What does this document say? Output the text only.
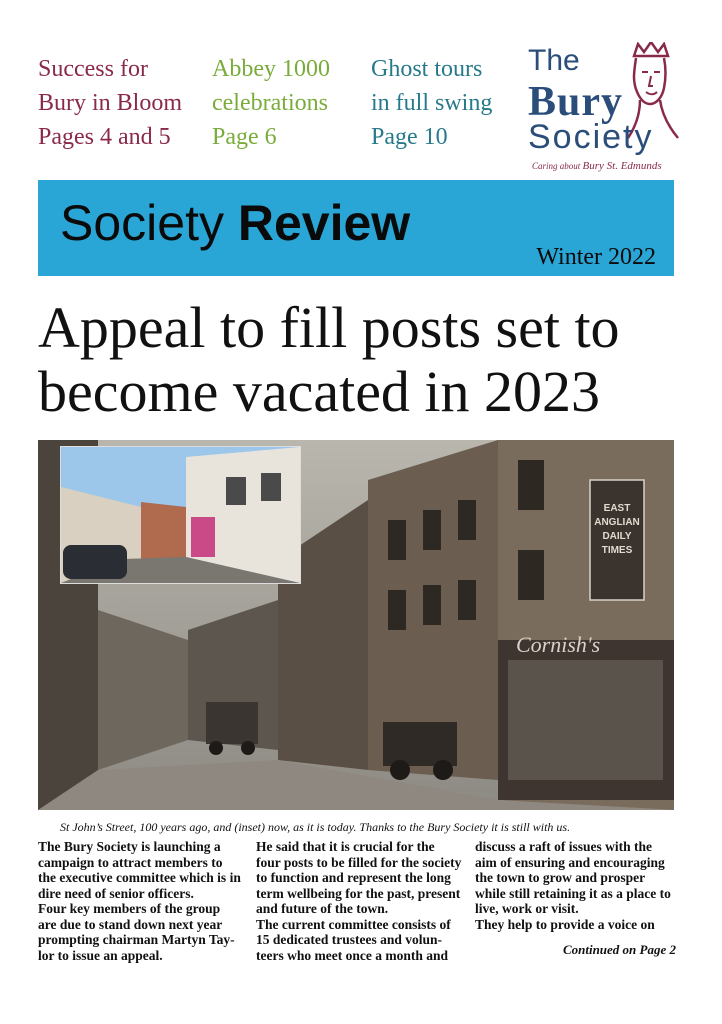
Success for
Bury in Bloom
Pages 4 and 5
Abbey 1000
celebrations
Page 6
Ghost tours
in full swing
Page 10
The
Bury
Society
Caring about Bury St. Edmunds
Society Review
Winter 2022
Appeal to fill posts set to
become vacated in 2023
Cornish's
EAST
ANGLIAN
DAILY
TIMES

St John’s Street, 100 years ago, and (inset) now, as it is today. Thanks to the Bury Society it is still with us.

The Bury Society is launching a
campaign to attract members to
the executive committee which is in
dire need of senior officers.
Four key members of the group
are due to stand down next year
prompting chairman Martyn Tay-
lor to issue an appeal.
He said that it is crucial for the
four posts to be filled for the society
to function and represent the long
term wellbeing for the past, present
and future of the town.
The current committee consists of
15 dedicated trustees and volun-
teers who meet once a month and
discuss a raft of issues with the
aim of ensuring and encouraging
the town to grow and prosper
while still retaining it as a place to
live, work or visit.
They help to provide a voice on
Continued on Page 2
